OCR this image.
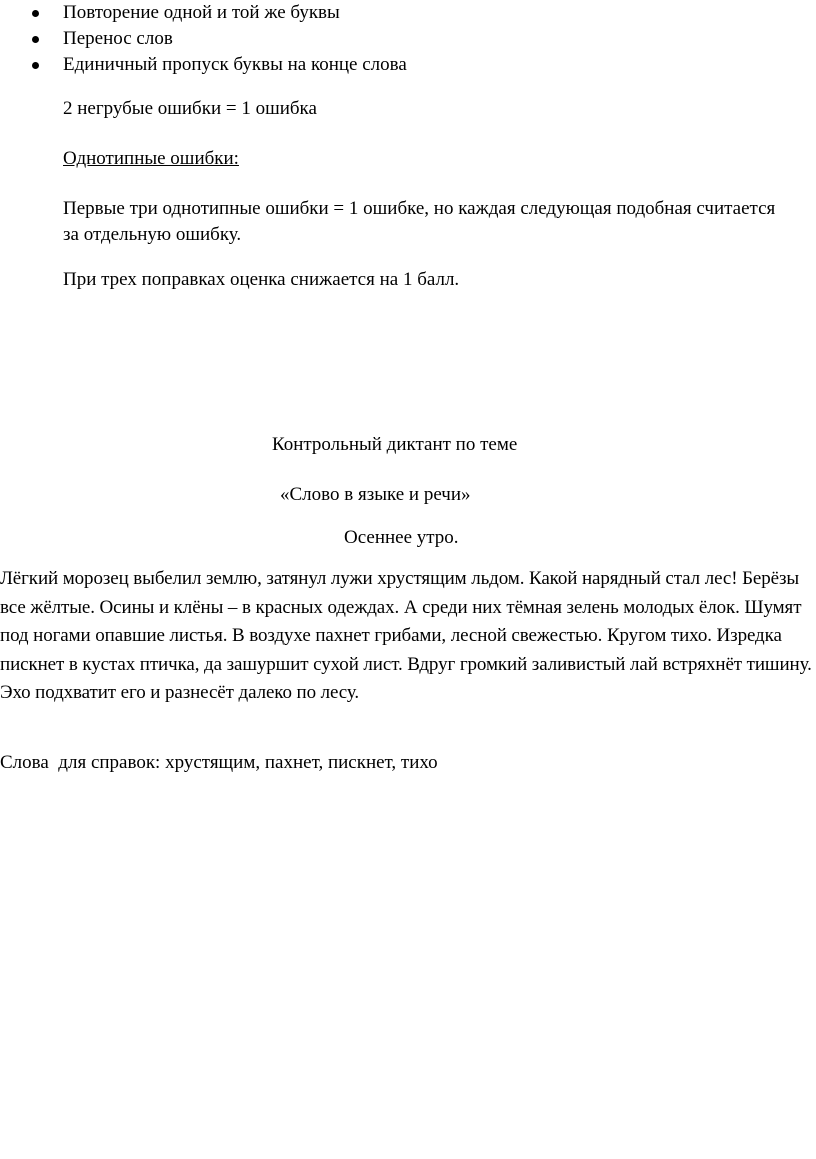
Повторение одной и той же буквы
Перенос слов
Единичный пропуск буквы на конце слова

2 негрубые ошибки = 1 ошибка

Однотипные ошибки:

Первые три однотипные ошибки = 1 ошибке, но каждая следующая подобная считается за отдельную ошибку.

При трех поправках оценка снижается на 1 балл.

Контрольный диктант по теме

«Слово в языке и речи»

Осеннее утро.

Лёгкий морозец выбелил землю, затянул лужи хрустящим льдом. Какой нарядный стал лес! Берёзы все жёлтые. Осины и клёны – в красных одеждах. А среди них тёмная зелень молодых ёлок. Шумят под ногами опавшие листья. В воздухе пахнет грибами, лесной свежестью. Кругом тихо. Изредка пискнет в кустах птичка, да зашуршит сухой лист. Вдруг громкий заливистый лай встряхнёт тишину. Эхо подхватит его и разнесёт далеко по лесу.

Слова  для справок: хрустящим, пахнет, пискнет, тихо
